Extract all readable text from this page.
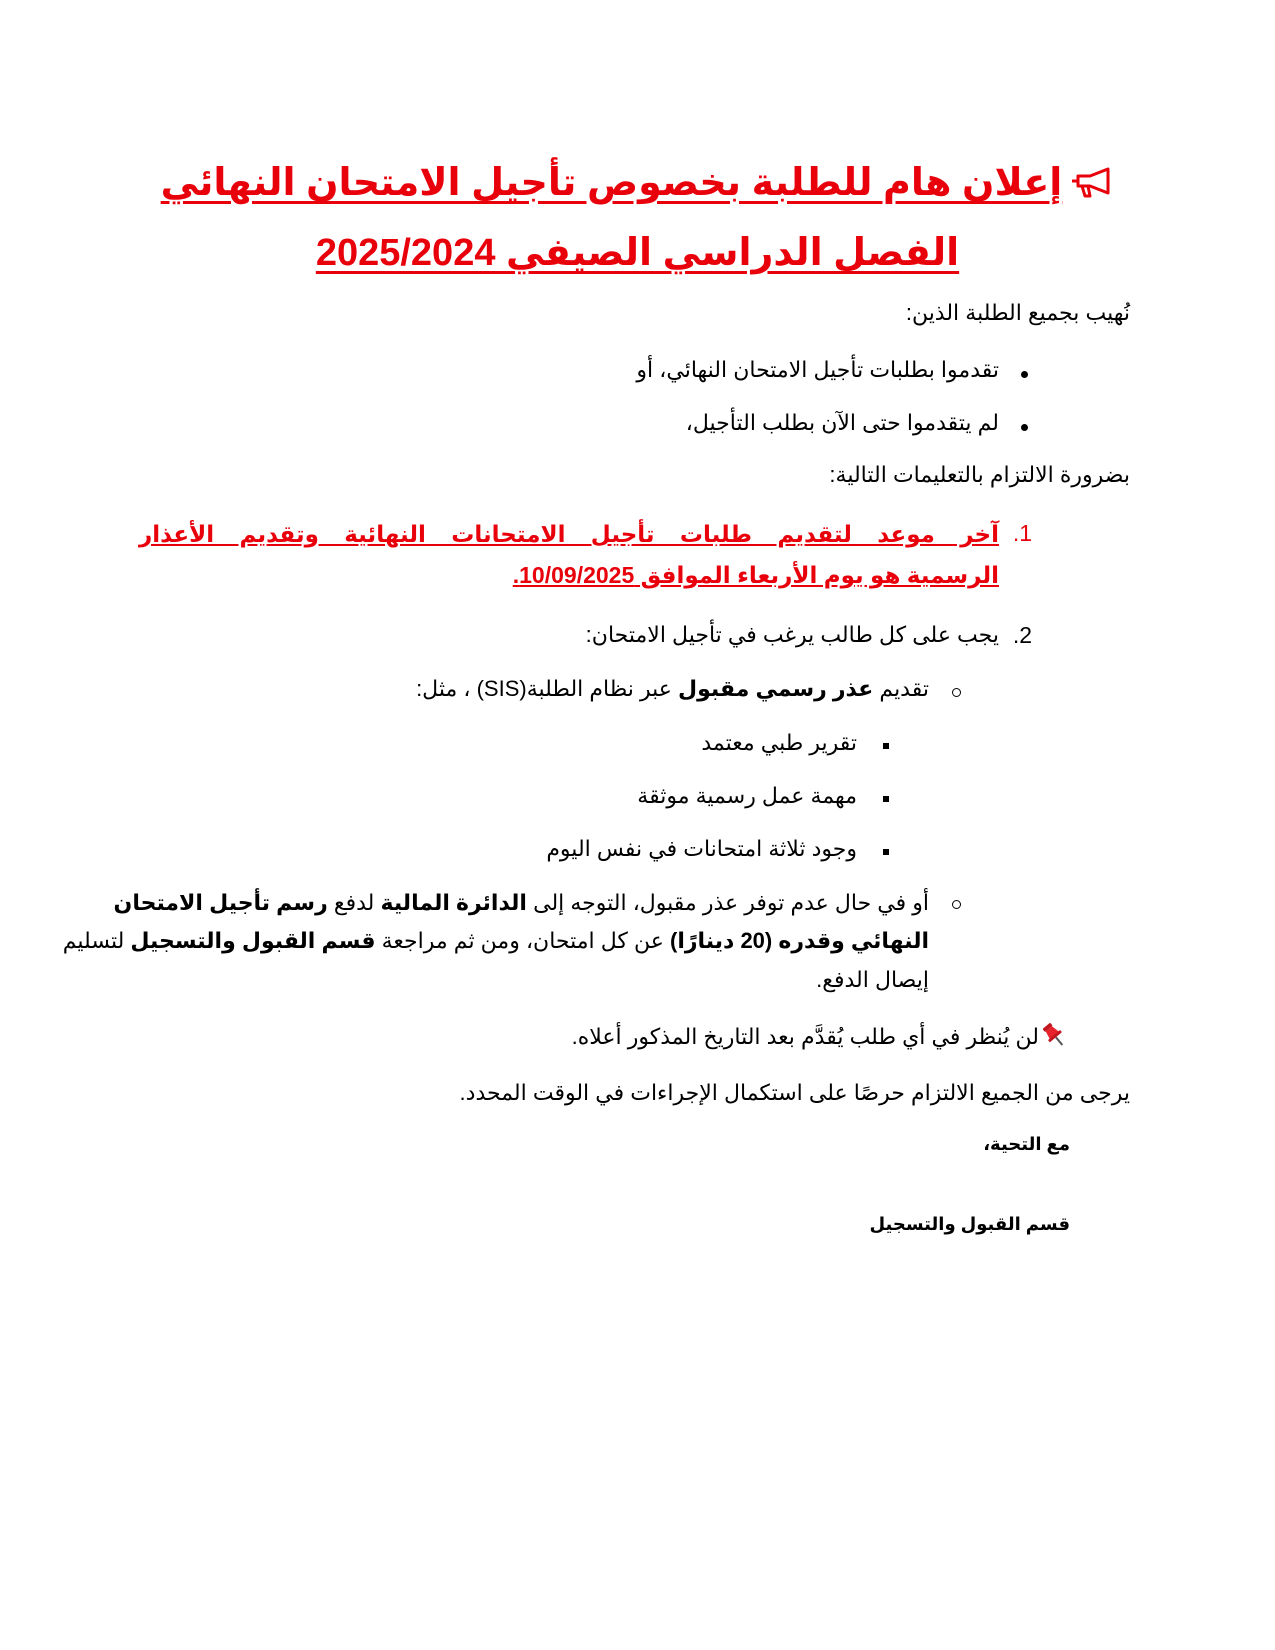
إعلان هام للطلبة بخصوص تأجيل الامتحان النهائي
الفصل الدراسي الصيفي 2025/2024
نُهيب بجميع الطلبة الذين:
تقدموا بطلبات تأجيل الامتحان النهائي، أو
لم يتقدموا حتى الآن بطلب التأجيل،
بضرورة الالتزام بالتعليمات التالية:
1.
آخر موعد لتقديم طلبات تأجيل الامتحانات النهائية وتقديم الأعذار
الرسمية هو يوم الأربعاء الموافق 10/09/2025.
2.
يجب على كل طالب يرغب في تأجيل الامتحان:
تقديم عذر رسمي مقبول عبر نظام الطلبة(SIS) ، مثل:
تقرير طبي معتمد
مهمة عمل رسمية موثقة
وجود ثلاثة امتحانات في نفس اليوم
أو في حال عدم توفر عذر مقبول، التوجه إلى الدائرة المالية لدفع رسم تأجيل الامتحان
النهائي وقدره (20 دينارًا) عن كل امتحان، ومن ثم مراجعة قسم القبول والتسجيل لتسليم
إيصال الدفع.
لن يُنظر في أي طلب يُقدَّم بعد التاريخ المذكور أعلاه.
يرجى من الجميع الالتزام حرصًا على استكمال الإجراءات في الوقت المحدد.
مع التحية،
قسم القبول والتسجيل
